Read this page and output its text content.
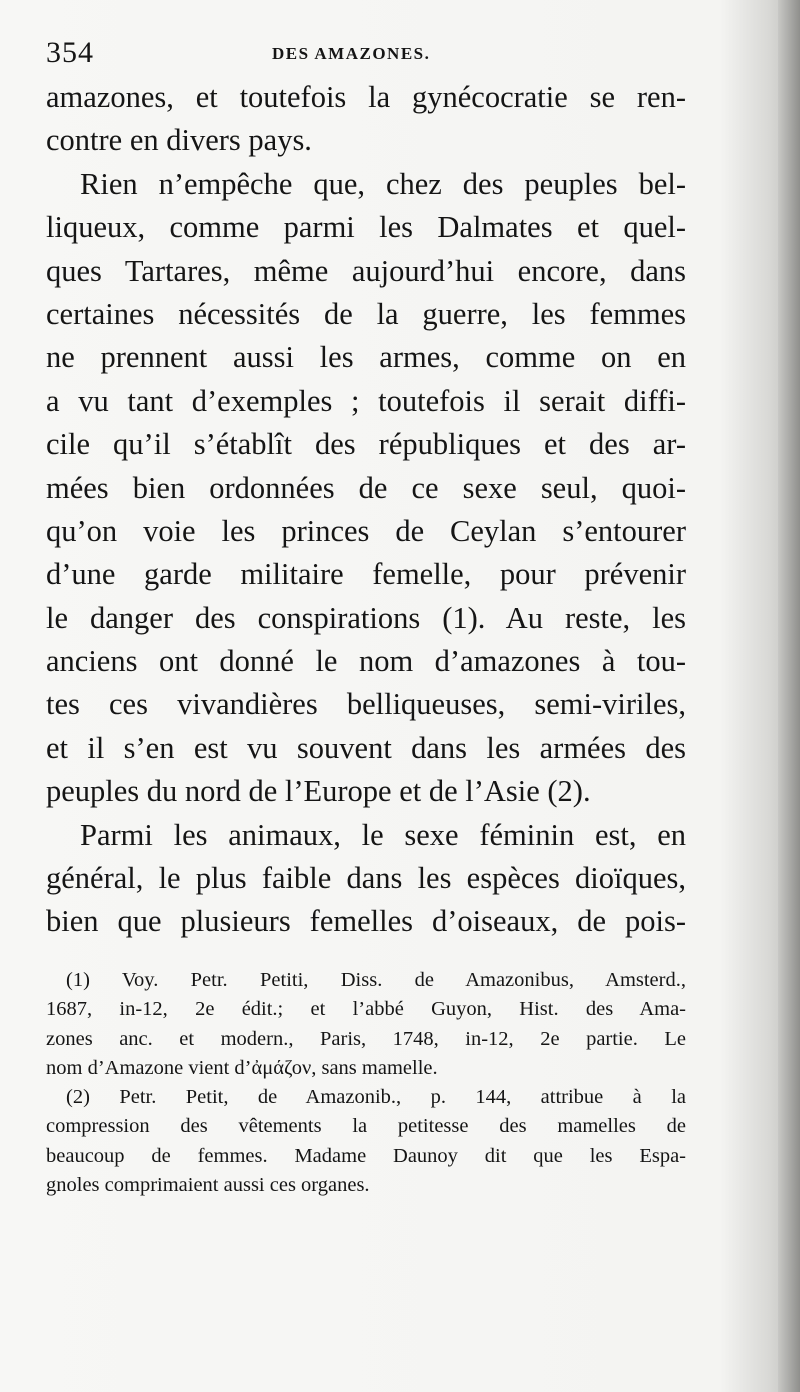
354	DES AMAZONES.
amazones, et toutefois la gynécocratie se ren-
contre en divers pays.
Rien n’empêche que, chez des peuples bel-
liqueux, comme parmi les Dalmates et quel-
ques Tartares, même aujourd’hui encore, dans
certaines nécessités de la guerre, les femmes
ne prennent aussi les armes, comme on en
a vu tant d’exemples ; toutefois il serait diffi-
cile qu’il s’établît des républiques et des ar-
mées bien ordonnées de ce sexe seul, quoi-
qu’on voie les princes de Ceylan s’entourer
d’une garde militaire femelle, pour prévenir
le danger des conspirations (1). Au reste, les
anciens ont donné le nom d’amazones à tou-
tes ces vivandières belliqueuses, semi-viriles,
et il s’en est vu souvent dans les armées des
peuples du nord de l’Europe et de l’Asie (2).
Parmi les animaux, le sexe féminin est, en
général, le plus faible dans les espèces dioïques,
bien que plusieurs femelles d’oiseaux, de pois-
(1) Voy. Petr. Petiti, Diss. de Amazonibus, Amsterd.,
1687, in-12, 2e édit.; et l’abbé Guyon, Hist. des Ama-
zones anc. et modern., Paris, 1748, in-12, 2e partie. Le
nom d’Amazone vient d’ἀμάζον, sans mamelle.
(2) Petr. Petit, de Amazonib., p. 144, attribue à la
compression des vêtements la petitesse des mamelles de
beaucoup de femmes. Madame Daunoy dit que les Espa-
gnoles comprimaient aussi ces organes.
